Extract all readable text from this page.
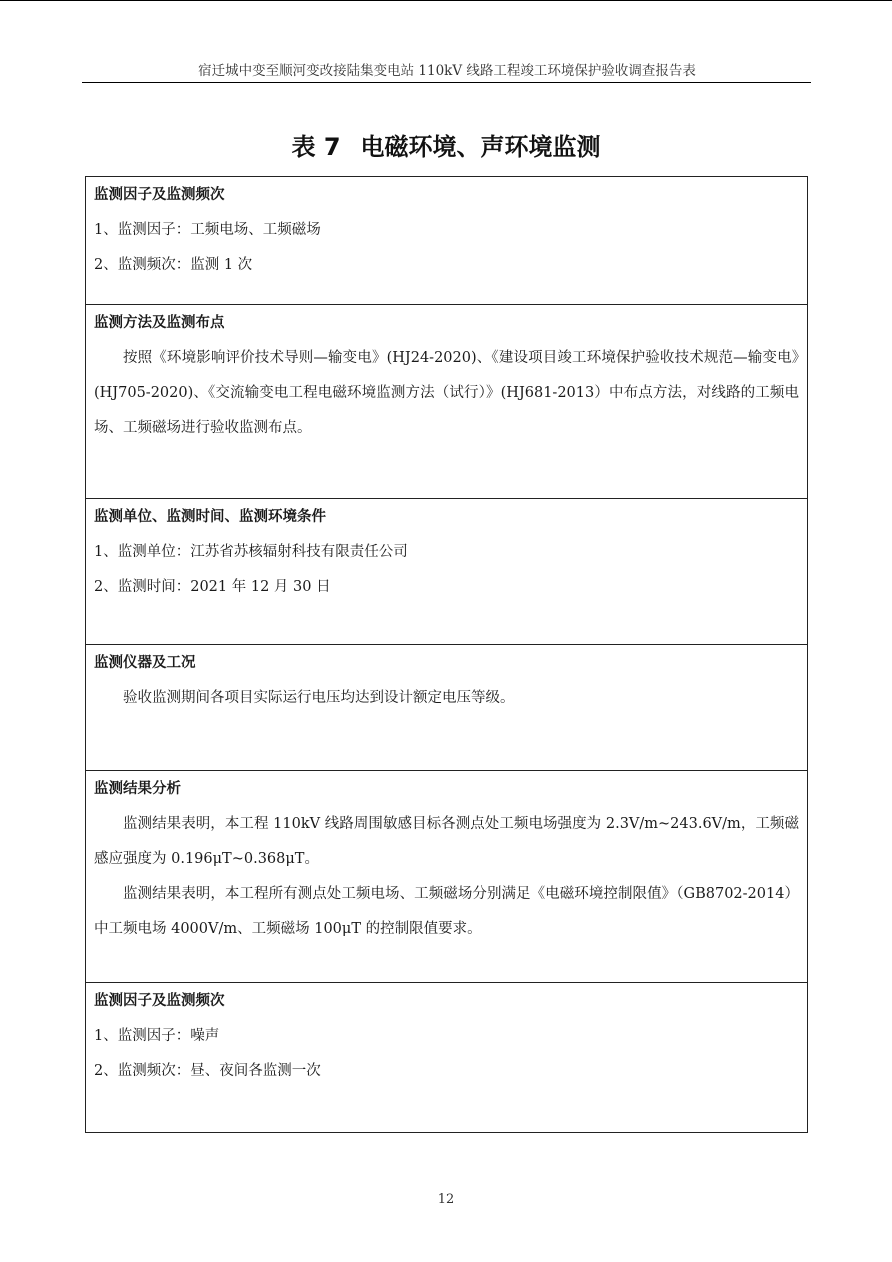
宿迁城中变至顺河变改接陆集变电站 110kV 线路工程竣工环境保护验收调查报告表
表 7 电磁环境、声环境监测

监测因子及监测频次

1、监测因子：工频电场、工频磁场

2、监测频次：监测 1 次

监测方法及监测布点

按照《环境影响评价技术导则—输变电》(HJ24-2020)、《建设项目竣工环境保护验收技术规范—输变电》(HJ705-2020)、《交流输变电工程电磁环境监测方法（试行）》(HJ681-2013）中布点方法，对线路的工频电场、工频磁场进行验收监测布点。

监测单位、监测时间、监测环境条件

1、监测单位：江苏省苏核辐射科技有限责任公司

2、监测时间：2021 年 12 月 30 日

监测仪器及工况

验收监测期间各项目实际运行电压均达到设计额定电压等级。

监测结果分析

监测结果表明，本工程 110kV 线路周围敏感目标各测点处工频电场强度为 2.3V/m~243.6V/m，工频磁感应强度为 0.196μT~0.368μT。

监测结果表明，本工程所有测点处工频电场、工频磁场分别满足《电磁环境控制限值》（GB8702-2014）中工频电场 4000V/m、工频磁场 100μT 的控制限值要求。

监测因子及监测频次

1、监测因子：噪声

2、监测频次：昼、夜间各监测一次

12
